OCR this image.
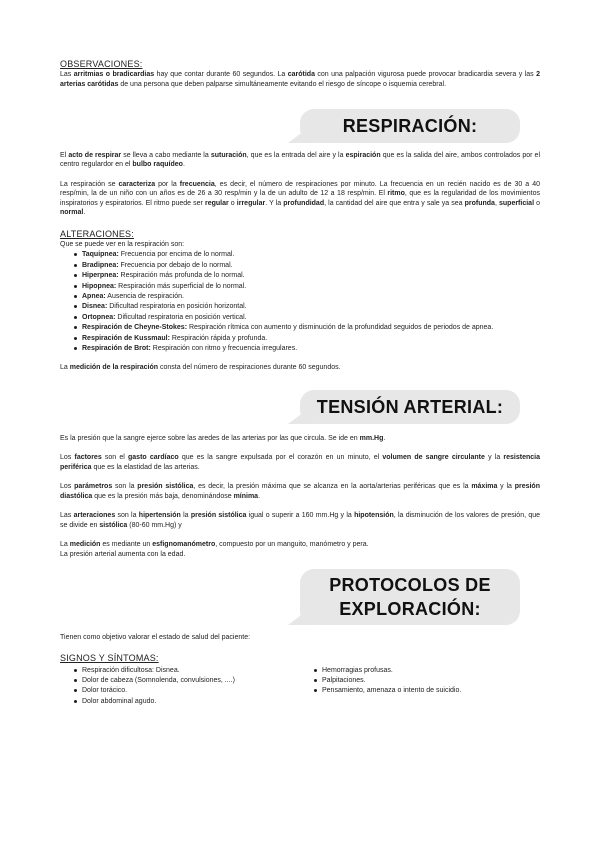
OBSERVACIONES:

Las arritmias o bradicardias hay que contar durante 60 segundos. La carótida con una palpación vigurosa puede provocar bradicardia severa y las 2 arterias carótidas de una persona que deben palparse simultáneamente evitando el riesgo de síncope o isquemia cerebral.

RESPIRACIÓN:

El acto de respirar se lleva a cabo mediante la suturación, que es la entrada del aire y la espiración que es la salida del aire, ambos controlados por el centro regulardor en el bulbo raquídeo.

La respiración se caracteriza por la frecuencia, es decir, el número de respiraciones por minuto. La frecuencia en un recién nacido es de 30 a 40 resp/min, la de un niño con un años es de 26 a 30 resp/min y la de un adulto de 12 a 18 resp/min. El ritmo, que es la regularidad de los movimientos inspiratorios y espiratorios. El ritmo puede ser regular o irregular. Y la profundidad, la cantidad del aire que entra y sale ya sea profunda, superficial o normal.

ALTERACIONES:
Que se puede ver en la respiración son:
Taquipnea: Frecuencia por encima de lo normal.
Bradipnea: Frecuencia por debajo de lo normal.
Hiperpnea: Respiración más profunda de lo normal.
Hipopnea: Respiración más superficial de lo normal.
Apnea: Ausencia de respiración.
Disnea: Dificultad respiratoria en posición horizontal.
Ortopnea: Dificultad respiratoria en posición vertical.
Respiración de Cheyne-Stokes: Respiración rítmica con aumento y disminución de la profundidad seguidos de periodos de apnea.
Respiración de Kussmaul: Respiración rápida y profunda.
Respiración de Brot: Respiración con ritmo y frecuencia irregulares.

La medición de la respiración consta del número de respiraciones durante 60 segundos.

TENSIÓN ARTERIAL:

Es la presión que la sangre ejerce sobre las aredes de las arterias por las que circula. Se ide en mm.Hg.

Los factores son el gasto cardíaco que es la sangre expulsada por el corazón en un minuto, el volumen de sangre circulante y la resistencia periférica que es la elastidad de las arterias.

Los parámetros son la presión sistólica, es decir, la presión máxima que se alcanza en la aorta/arterias periféricas que es la máxima y la presión diastólica que es la presión más baja, denominándose mínima.

Las arteraciones son la hipertensión la presión sistólica igual o superir a 160 mm.Hg y la hipotensión, la disminución de los valores de presión, que se divide en sistólica (80-60 mm.Hg) y

La medición es mediante un esfignomanómetro, compuesto por un manguito, manómetro y pera.

La presión arterial aumenta con la edad.

PROTOCOLOS DE
EXPLORACIÓN:

Tienen como objetivo valorar el estado de salud del paciente:

SIGNOS Y SÍNTOMAS:
Respiración dificultosa: Disnea.
Dolor de cabeza (Somnolenda, convulsiones, ....)
Dolor torácico.
Dolor abdominal agudo.
Hemorragias profusas.
Palpitaciones.
Pensamiento, amenaza o intento de suicidio.
